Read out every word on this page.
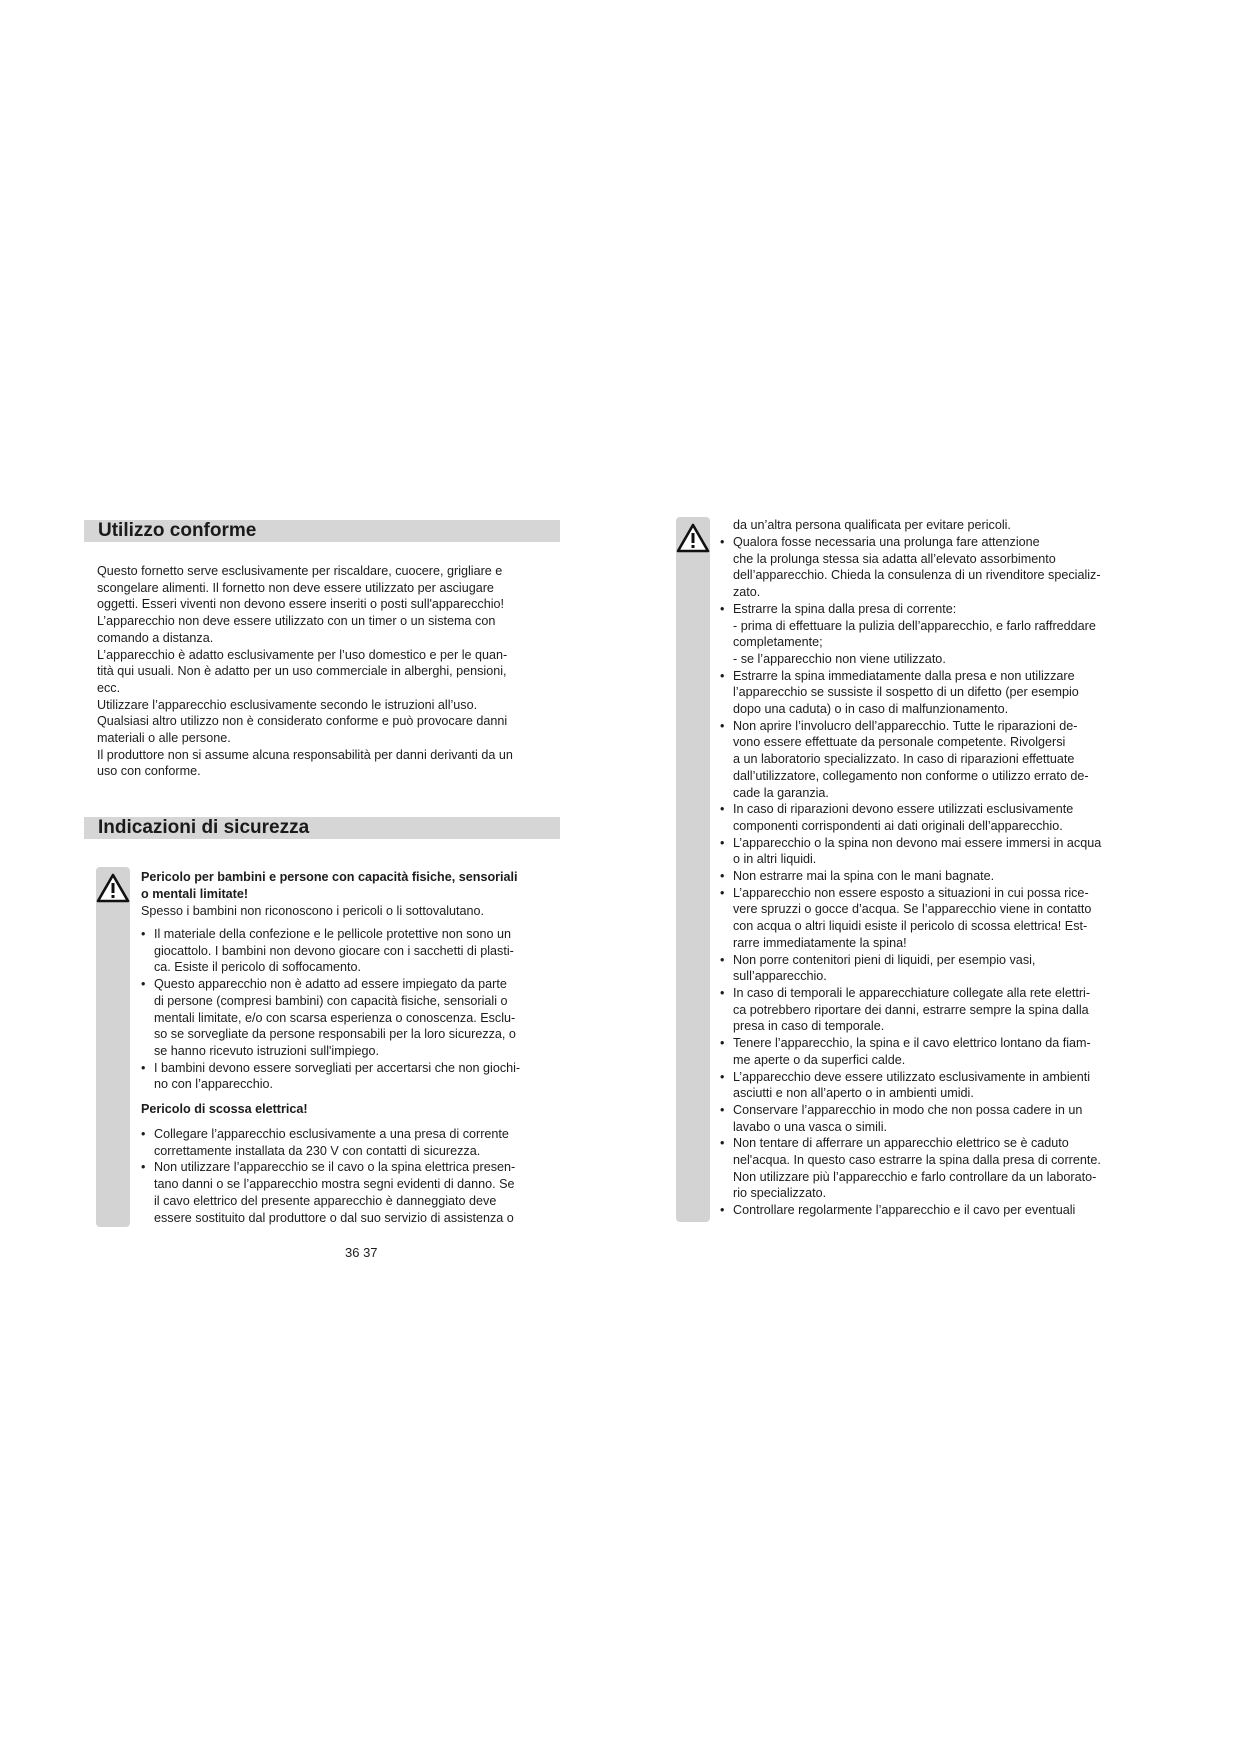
Utilizzo conforme
Questo fornetto serve esclusivamente per riscaldare, cuocere, grigliare e
scongelare alimenti. Il fornetto non deve essere utilizzato per asciugare
oggetti. Esseri viventi non devono essere inseriti o posti sull'apparecchio!
L’apparecchio non deve essere utilizzato con un timer o un sistema con
comando a distanza.
L’apparecchio è adatto esclusivamente per l’uso domestico e per le quan-
tità qui usuali. Non è adatto per un uso commerciale in alberghi, pensioni,
ecc.
Utilizzare l’apparecchio esclusivamente secondo le istruzioni all’uso.
Qualsiasi altro utilizzo non è considerato conforme e può provocare danni
materiali o alle persone.
Il produttore non si assume alcuna responsabilità per danni derivanti da un
uso con conforme.
Indicazioni di sicurezza
Pericolo per bambini e persone con capacità fisiche, sensoriali
o mentali limitate!
Spesso i bambini non riconoscono i pericoli o li sottovalutano.
• Il materiale della confezione e le pellicole protettive non sono un
giocattolo. I bambini non devono giocare con i sacchetti di plasti-
ca. Esiste il pericolo di soffocamento.
• Questo apparecchio non è adatto ad essere impiegato da parte
di persone (compresi bambini) con capacità fisiche, sensoriali o
mentali limitate, e/o con scarsa esperienza o conoscenza. Esclu-
so se sorvegliate da persone responsabili per la loro sicurezza, o
se hanno ricevuto istruzioni sull'impiego.
• I bambini devono essere sorvegliati per accertarsi che non giochi-
no con l’apparecchio.
Pericolo di scossa elettrica!
• Collegare l’apparecchio esclusivamente a una presa di corrente
correttamente installata da 230 V con contatti di sicurezza.
• Non utilizzare l’apparecchio se il cavo o la spina elettrica presen-
tano danni o se l’apparecchio mostra segni evidenti di danno. Se
il cavo elettrico del presente apparecchio è danneggiato deve
essere sostituito dal produttore o dal suo servizio di assistenza o
da un’altra persona qualificata per evitare pericoli.
• Qualora fosse necessaria una prolunga fare attenzione
che la prolunga stessa sia adatta all’elevato assorbimento
dell’apparecchio. Chieda la consulenza di un rivenditore specializ-
zato.
• Estrarre la spina dalla presa di corrente:
- prima di effettuare la pulizia dell’apparecchio, e farlo raffreddare
completamente;
- se l’apparecchio non viene utilizzato.
• Estrarre la spina immediatamente dalla presa e non utilizzare
l’apparecchio se sussiste il sospetto di un difetto (per esempio
dopo una caduta) o in caso di malfunzionamento.
• Non aprire l’involucro dell’apparecchio. Tutte le riparazioni de-
vono essere effettuate da personale competente. Rivolgersi
a un laboratorio specializzato. In caso di riparazioni effettuate
dall’utilizzatore, collegamento non conforme o utilizzo errato de-
cade la garanzia.
• In caso di riparazioni devono essere utilizzati esclusivamente
componenti corrispondenti ai dati originali dell’apparecchio.
• L’apparecchio o la spina non devono mai essere immersi in acqua
o in altri liquidi.
• Non estrarre mai la spina con le mani bagnate.
• L’apparecchio non essere esposto a situazioni in cui possa rice-
vere spruzzi o gocce d’acqua. Se l’apparecchio viene in contatto
con acqua o altri liquidi esiste il pericolo di scossa elettrica! Est-
rarre immediatamente la spina!
• Non porre contenitori pieni di liquidi, per esempio vasi,
sull’apparecchio.
• In caso di temporali le apparecchiature collegate alla rete elettri-
ca potrebbero riportare dei danni, estrarre sempre la spina dalla
presa in caso di temporale.
• Tenere l’apparecchio, la spina e il cavo elettrico lontano da fiam-
me aperte o da superfici calde.
• L’apparecchio deve essere utilizzato esclusivamente in ambienti
asciutti e non all’aperto o in ambienti umidi.
• Conservare l’apparecchio in modo che non possa cadere in un
lavabo o una vasca o simili.
• Non tentare di afferrare un apparecchio elettrico se è caduto
nel'acqua. In questo caso estrarre la spina dalla presa di corrente.
Non utilizzare più l’apparecchio e farlo controllare da un laborato-
rio specializzato.
• Controllare regolarmente l’apparecchio e il cavo per eventuali
36 37
